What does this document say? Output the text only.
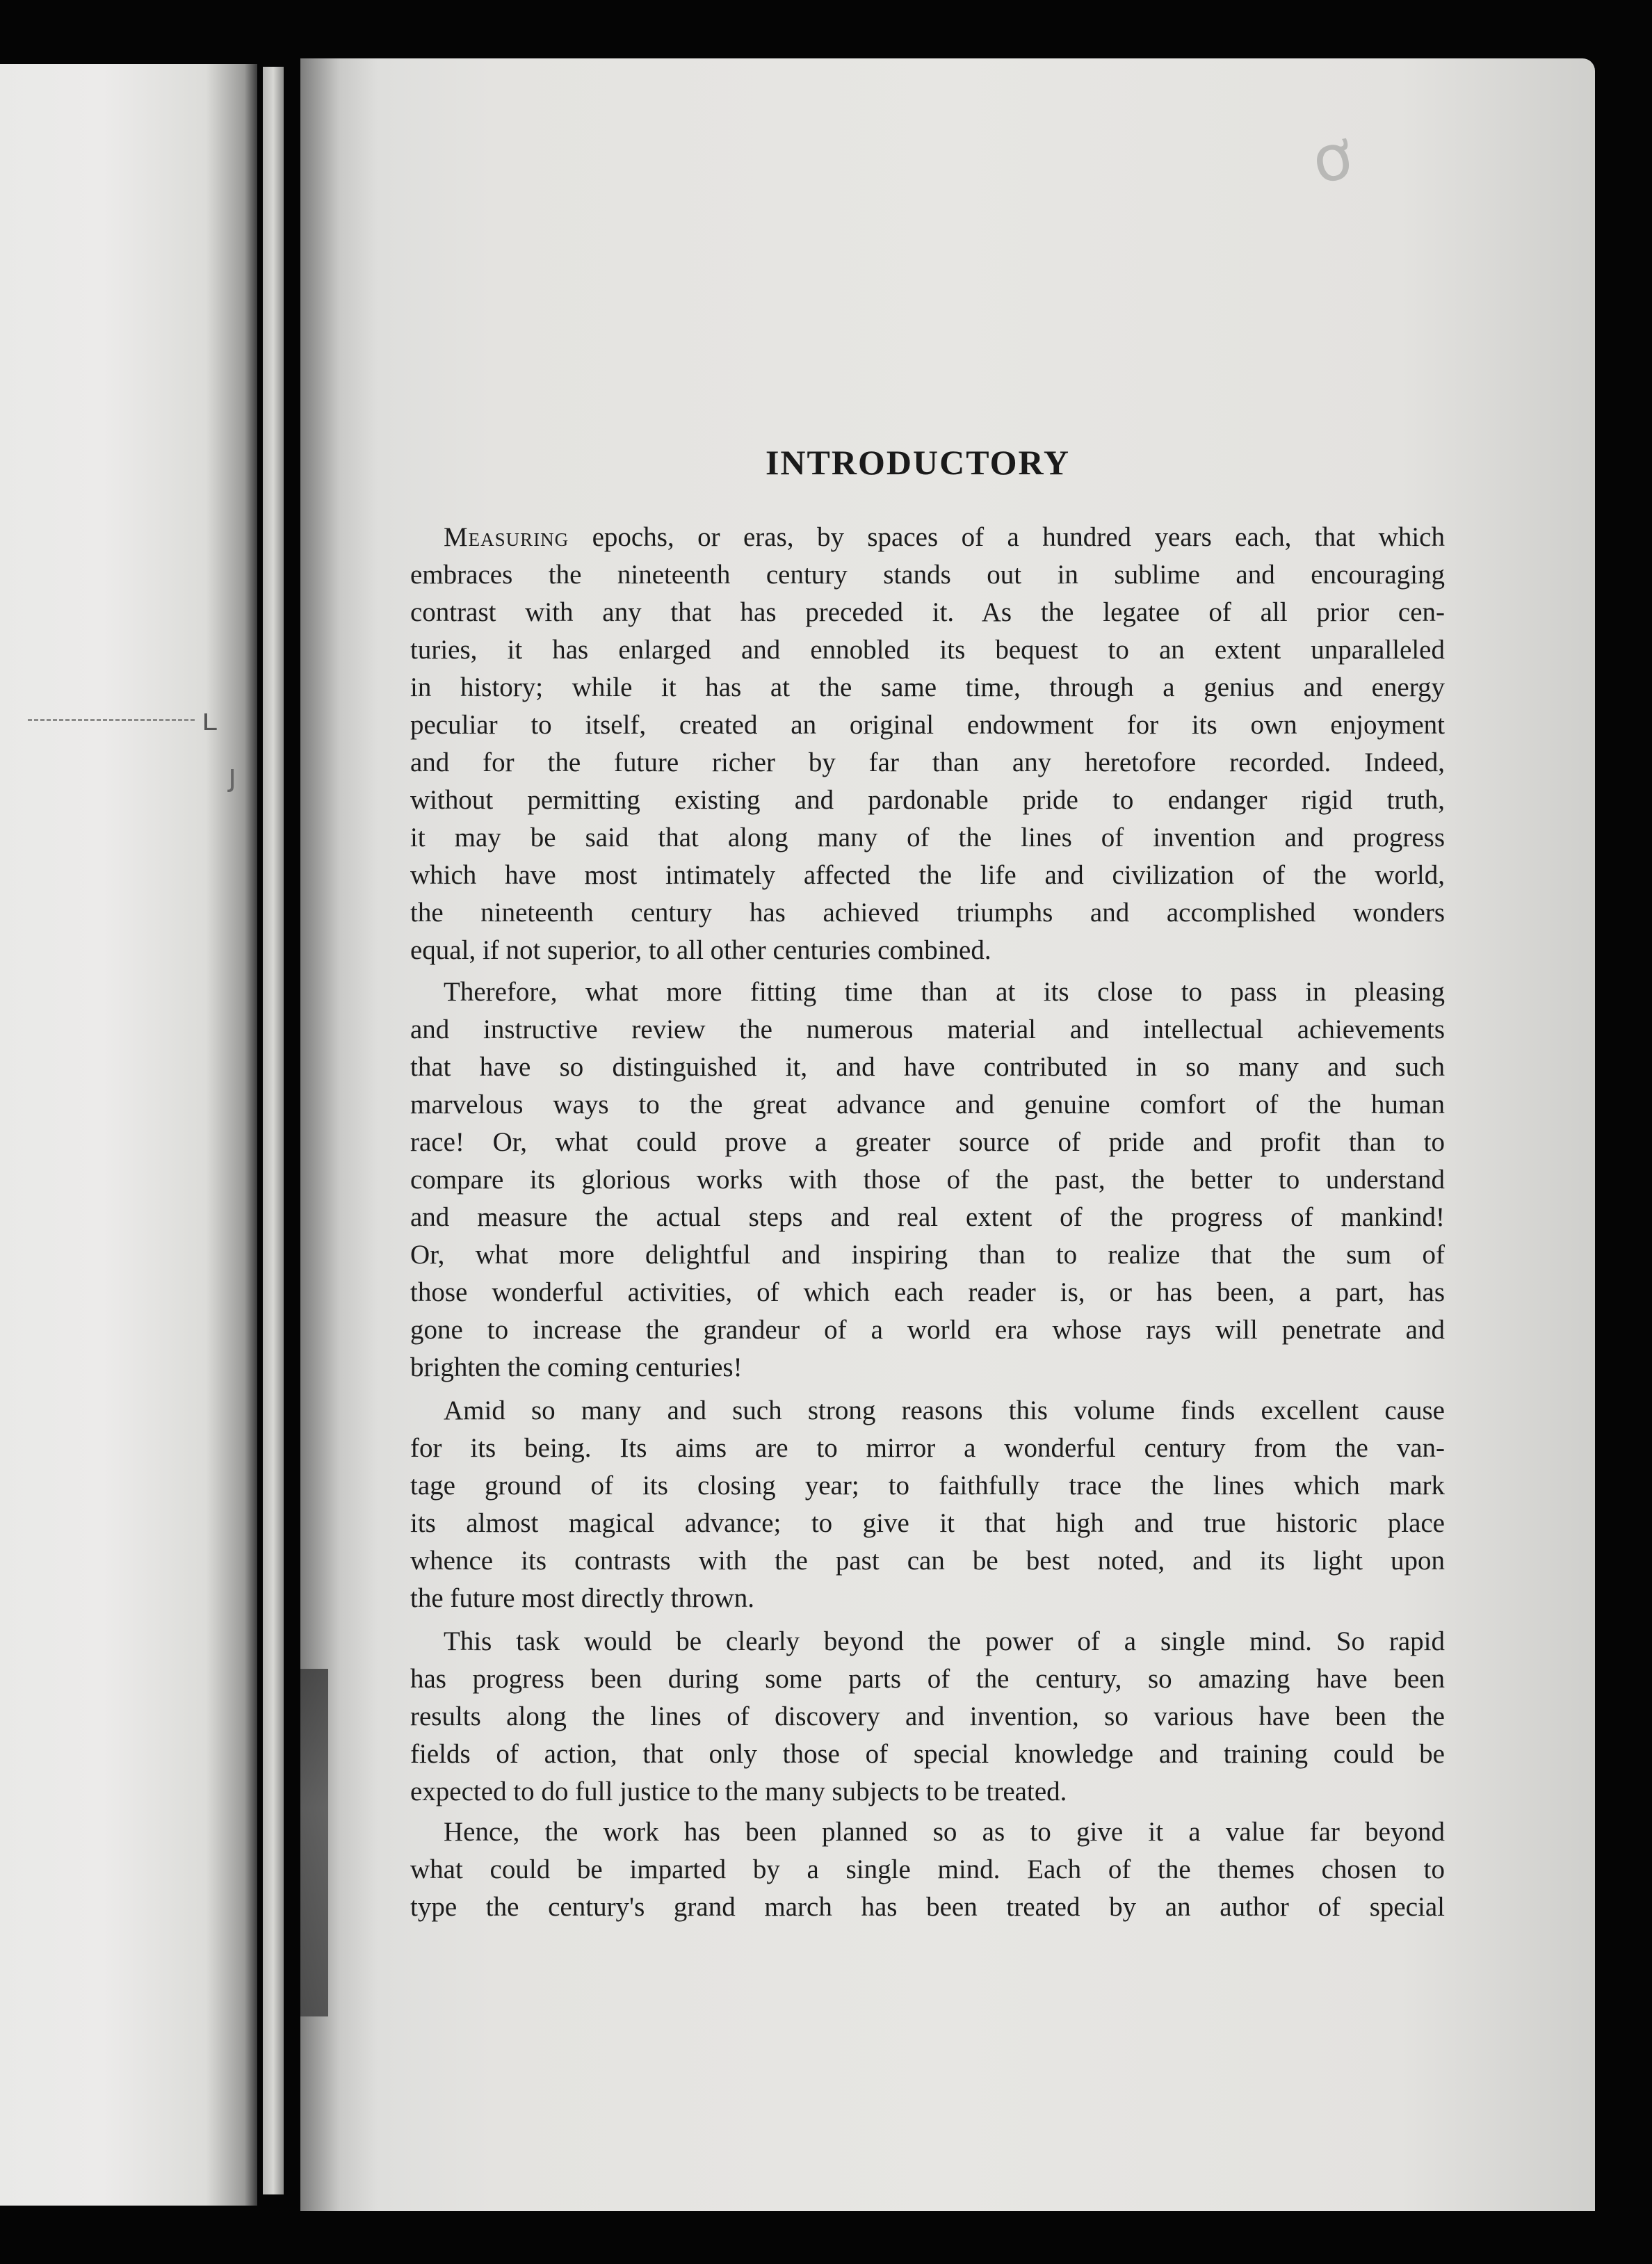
ʟ
ȷ
ơ
INTRODUCTORY
Measuring epochs, or eras, by spaces of a hundred years each, that which
embraces the nineteenth century stands out in sublime and encouraging
contrast with any that has preceded it. As the legatee of all prior cen-
turies, it has enlarged and ennobled its bequest to an extent unparalleled
in history; while it has at the same time, through a genius and energy
peculiar to itself, created an original endowment for its own enjoyment
and for the future richer by far than any heretofore recorded. Indeed,
without permitting existing and pardonable pride to endanger rigid truth,
it may be said that along many of the lines of invention and progress
which have most intimately affected the life and civilization of the world,
the nineteenth century has achieved triumphs and accomplished wonders
equal, if not superior, to all other centuries combined.
Therefore, what more fitting time than at its close to pass in pleasing
and instructive review the numerous material and intellectual achievements
that have so distinguished it, and have contributed in so many and such
marvelous ways to the great advance and genuine comfort of the human
race! Or, what could prove a greater source of pride and profit than to
compare its glorious works with those of the past, the better to understand
and measure the actual steps and real extent of the progress of mankind!
Or, what more delightful and inspiring than to realize that the sum of
those wonderful activities, of which each reader is, or has been, a part, has
gone to increase the grandeur of a world era whose rays will penetrate and
brighten the coming centuries!
Amid so many and such strong reasons this volume finds excellent cause
for its being. Its aims are to mirror a wonderful century from the van-
tage ground of its closing year; to faithfully trace the lines which mark
its almost magical advance; to give it that high and true historic place
whence its contrasts with the past can be best noted, and its light upon
the future most directly thrown.
This task would be clearly beyond the power of a single mind. So rapid
has progress been during some parts of the century, so amazing have been
results along the lines of discovery and invention, so various have been the
fields of action, that only those of special knowledge and training could be
expected to do full justice to the many subjects to be treated.
Hence, the work has been planned so as to give it a value far beyond
what could be imparted by a single mind. Each of the themes chosen to
type the century's grand march has been treated by an author of special
